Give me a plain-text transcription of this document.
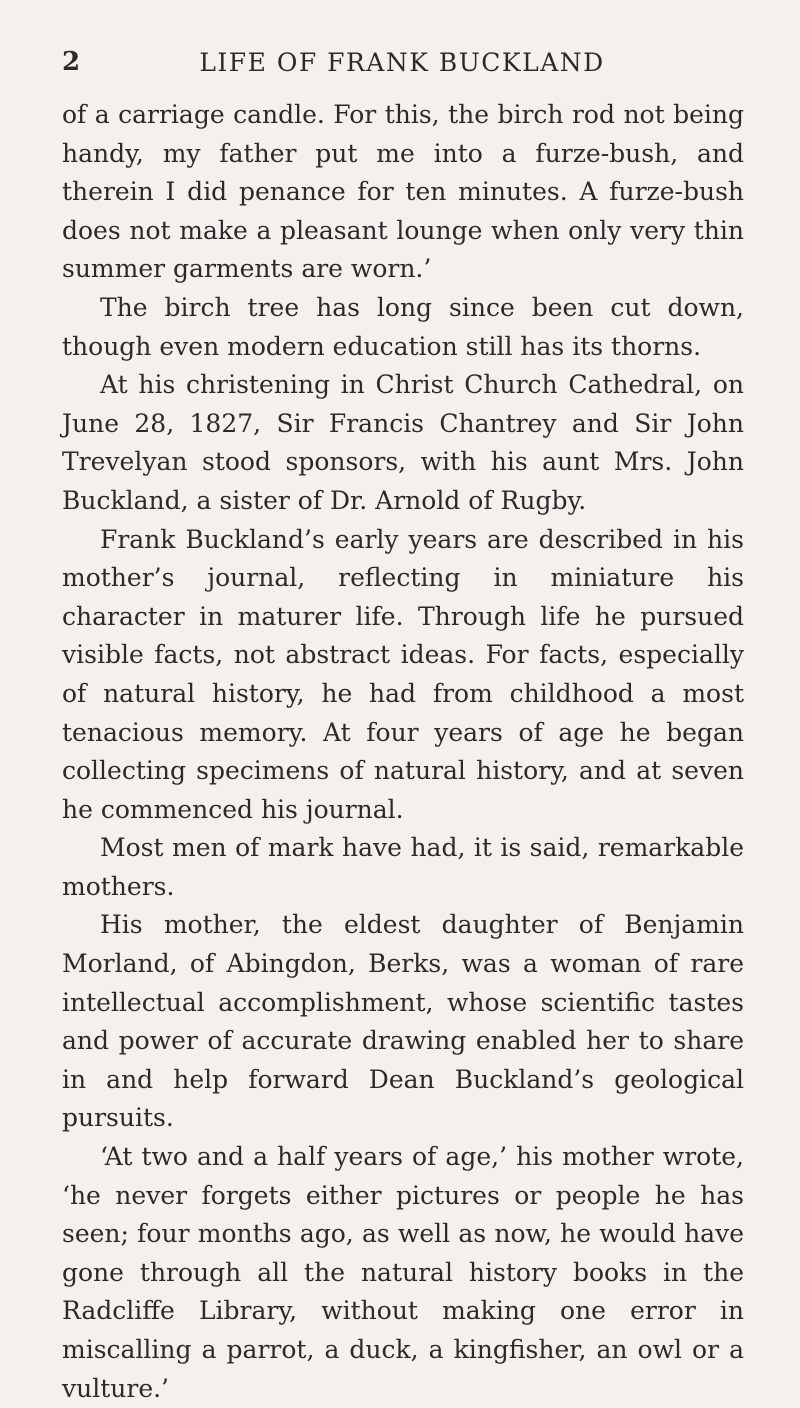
2	LIFE OF FRANK BUCKLAND

of a carriage candle. For this, the birch rod not being handy, my father put me into a furze-bush, and therein I did penance for ten minutes. A furze-bush does not make a pleasant lounge when only very thin summer garments are worn.’

The birch tree has long since been cut down, though even modern education still has its thorns.

At his christening in Christ Church Cathedral, on June 28, 1827, Sir Francis Chantrey and Sir John Trevelyan stood sponsors, with his aunt Mrs. John Buckland, a sister of Dr. Arnold of Rugby.

Frank Buckland’s early years are described in his mother’s journal, reflecting in miniature his character in maturer life. Through life he pursued visible facts, not abstract ideas. For facts, especially of natural history, he had from childhood a most tenacious memory. At four years of age he began collecting specimens of natural history, and at seven he commenced his journal.

Most men of mark have had, it is said, remarkable mothers.

His mother, the eldest daughter of Benjamin Morland, of Abingdon, Berks, was a woman of rare intellectual accomplishment, whose scientific tastes and power of accurate drawing enabled her to share in and help forward Dean Buckland’s geological pursuits.

‘At two and a half years of age,’ his mother wrote, ‘he never forgets either pictures or people he has seen; four months ago, as well as now, he would have gone through all the natural history books in the Radcliffe Library, without making one error in miscalling a parrot, a duck, a kingfisher, an owl or a vulture.’
